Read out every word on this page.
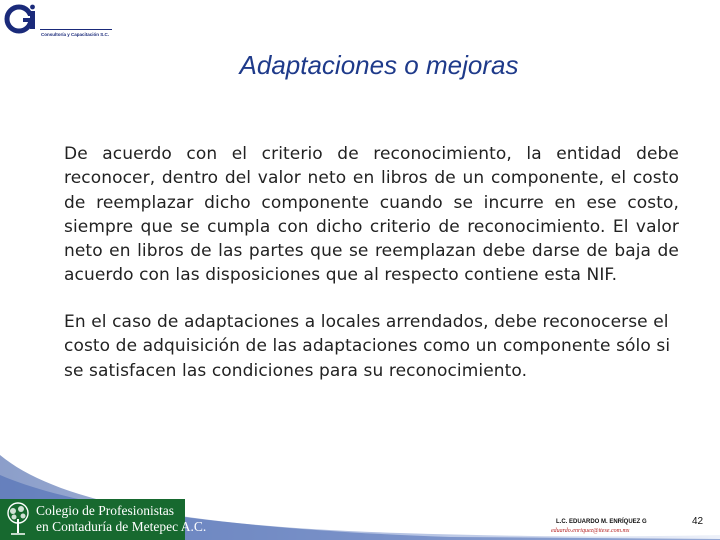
Consultoría y Capacitación S.C.
Adaptaciones o mejoras

De acuerdo con el criterio de reconocimiento, la entidad debe reconocer, dentro del valor neto en libros de un componente, el costo de reemplazar dicho componente cuando se incurre en ese costo, siempre que se cumpla con dicho criterio de reconocimiento. El valor neto en libros de las partes que se reemplazan debe darse de baja de acuerdo con las disposiciones que al respecto contiene esta NIF.

En el caso de adaptaciones a locales arrendados, debe reconocerse el costo de adquisición de las adaptaciones como un componente sólo si se satisfacen las condiciones para su reconocimiento.

Colegio de Profesionistas
en Contaduría de Metepec A.C.	L.C. EDUARDO M. ENRÍQUEZ G
eduardo.enriquez@itese.com.mx
42
